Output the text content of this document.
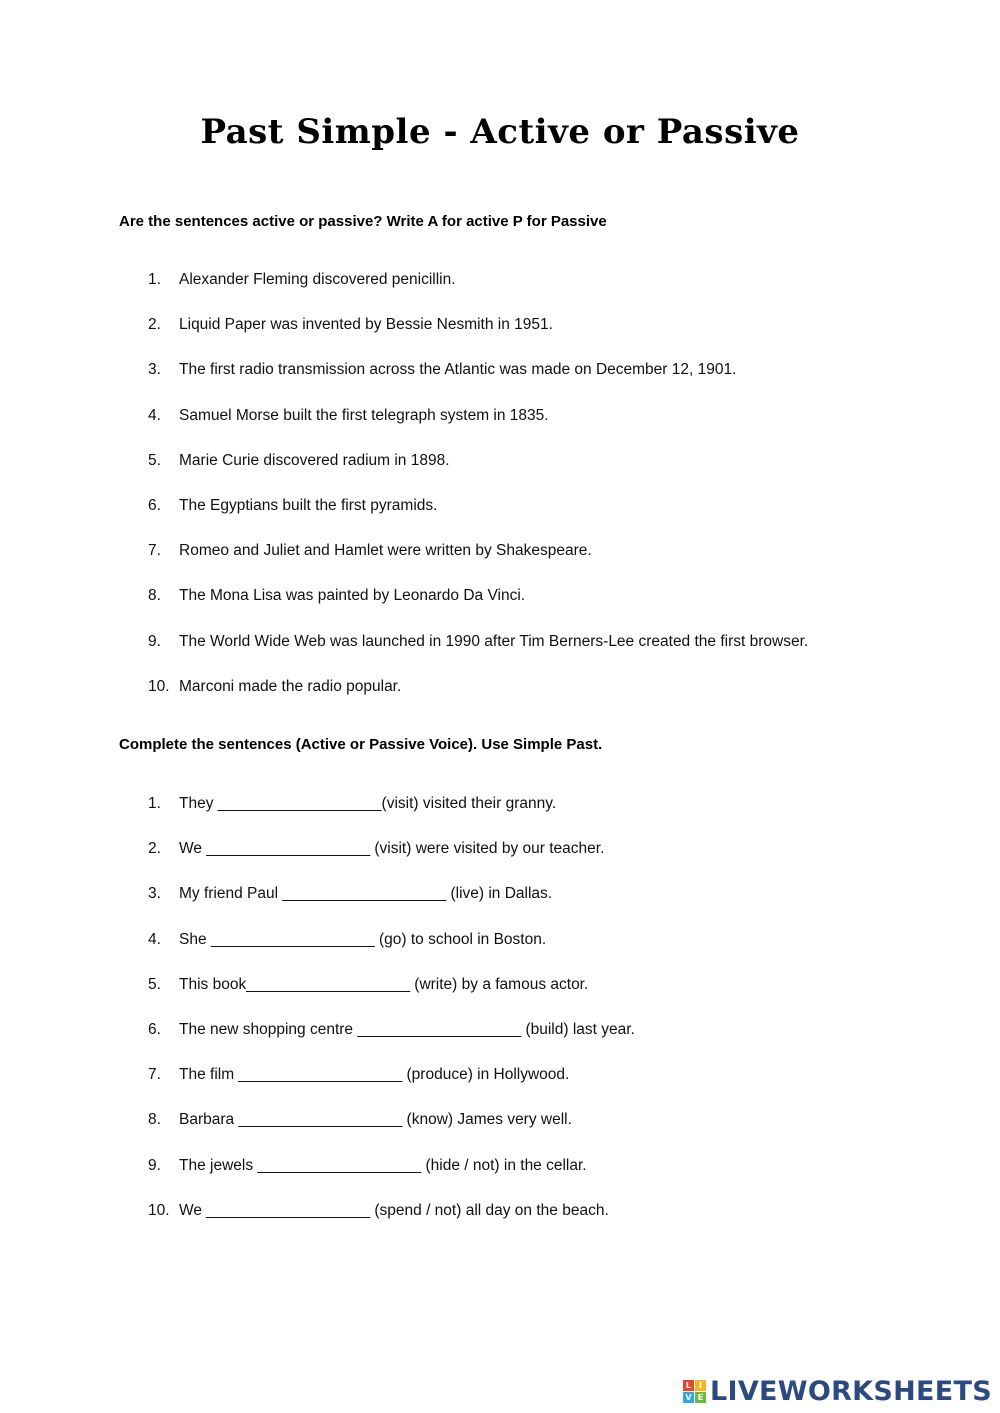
Past Simple - Active or Passive
Are the sentences active or passive? Write A for active P for Passive
1.	Alexander Fleming discovered penicillin.
2.	Liquid Paper was invented by Bessie Nesmith in 1951.
3.	The first radio transmission across the Atlantic was made on December 12, 1901.
4.	Samuel Morse built the first telegraph system in 1835.
5.	Marie Curie discovered radium in 1898.
6.	The Egyptians built the first pyramids.
7.	Romeo and Juliet and Hamlet were written by Shakespeare.
8.	The Mona Lisa was painted by Leonardo Da Vinci.
9.	The World Wide Web was launched in 1990 after Tim Berners-Lee created the first browser.
10. Marconi made the radio popular.
Complete the sentences (Active or Passive Voice). Use Simple Past.
1.	They ___________________(visit) visited their granny.
2.	We ___________________ (visit) were visited by our teacher.
3.	My friend Paul ___________________ (live) in Dallas.
4.	She ___________________ (go) to school in Boston.
5.	This book___________________ (write) by a famous actor.
6.	The new shopping centre ___________________ (build) last year.
7.	The film ___________________ (produce) in Hollywood.
8.	Barbara ___________________ (know) James very well.
9.	The jewels ___________________ (hide / not) in the cellar.
10. We ___________________ (spend / not) all day on the beach.
L I
V E LIVEWORKSHEETS
